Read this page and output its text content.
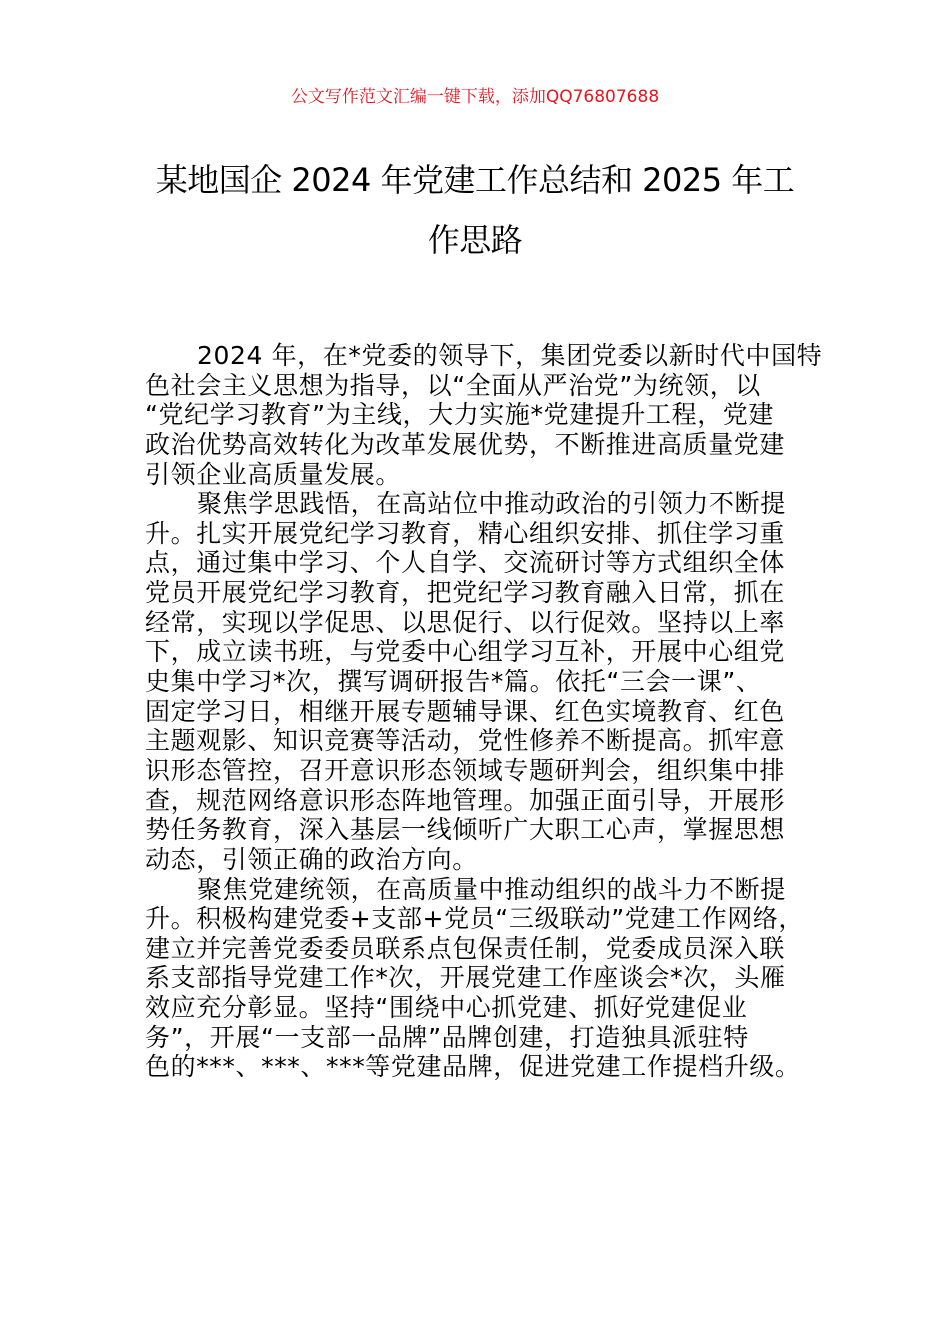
公文写作范文汇编一键下载，添加QQ76807688
某地国企 2024 年党建工作总结和 2025 年工
作思路
2024 年，在*党委的领导下，集团党委以新时代中国特
色社会主义思想为指导，以“全面从严治党”为统领，以
“党纪学习教育”为主线，大力实施*党建提升工程，党建
政治优势高效转化为改革发展优势，不断推进高质量党建
引领企业高质量发展。
聚焦学思践悟，在高站位中推动政治的引领力不断提
升。扎实开展党纪学习教育，精心组织安排、抓住学习重
点，通过集中学习、个人自学、交流研讨等方式组织全体
党员开展党纪学习教育，把党纪学习教育融入日常，抓在
经常，实现以学促思、以思促行、以行促效。坚持以上率
下，成立读书班，与党委中心组学习互补，开展中心组党
史集中学习*次，撰写调研报告*篇。依托“三会一课”、
固定学习日，相继开展专题辅导课、红色实境教育、红色
主题观影、知识竞赛等活动，党性修养不断提高。抓牢意
识形态管控，召开意识形态领域专题研判会，组织集中排
查，规范网络意识形态阵地管理。加强正面引导，开展形
势任务教育，深入基层一线倾听广大职工心声，掌握思想
动态，引领正确的政治方向。
聚焦党建统领，在高质量中推动组织的战斗力不断提
升。积极构建党委+支部+党员“三级联动”党建工作网络，
建立并完善党委委员联系点包保责任制，党委成员深入联
系支部指导党建工作*次，开展党建工作座谈会*次，头雁
效应充分彰显。坚持“围绕中心抓党建、抓好党建促业
务”，开展“一支部一品牌”品牌创建，打造独具派驻特
色的***、***、***等党建品牌，促进党建工作提档升级。
